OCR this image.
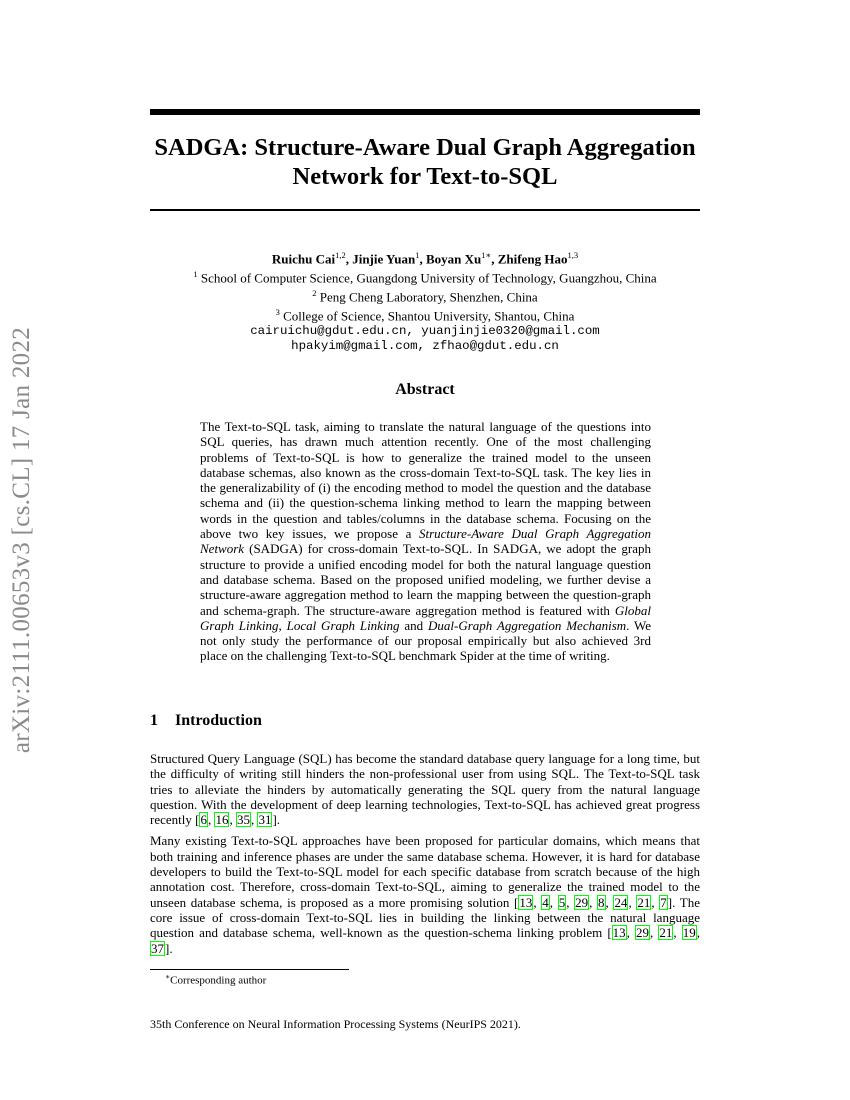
arXiv:2111.00653v3 [cs.CL] 17 Jan 2022
SADGA: Structure-Aware Dual Graph Aggregation
Network for Text-to-SQL
Ruichu Cai$^{1,2}$, Jinjie Yuan$^1$, Boyan $Xu^{1∗}$, Zhifeng Hao$^{1,3}$
$^1$ School of Computer Science, Guangdong University of Technology, Guangzhou, China
$^2$ Peng Cheng Laboratory, Shenzhen, China
$^3$ College of Science, Shantou University, Shantou, China
cairuichu@gdut.edu.cn, yuanjinjie0320@gmail.com
hpakyim@gmail.com, zfhao@gdut.edu.cn
Abstract

The Text-to-SQL task, aiming to translate the natural language of the questions into SQL queries, has drawn much attention recently. One of the most challenging problems of Text-to-SQL is how to generalize the trained model to the unseen database schemas, also known as the cross-domain Text-to-SQL task. The key lies in the generalizability of (i) the encoding method to model the question and the database schema and (ii) the question-schema linking method to learn the mapping between words in the question and tables/columns in the database schema. Focusing on the above two key issues, we propose a Structure-Aware Dual Graph Aggregation Network (SADGA) for cross-domain Text-to-SQL. In SADGA, we adopt the graph structure to provide a unified encoding model for both the natural language question and database schema. Based on the proposed unified modeling, we further devise a structure-aware aggregation method to learn the mapping between the question-graph and schema-graph. The structure-aware aggregation method is featured with Global Graph Linking, Local Graph Linking and Dual-Graph Aggregation Mechanism. We not only study the performance of our proposal empirically but also achieved 3rd place on the challenging Text-to-SQL benchmark Spider at the time of writing.

1 Introduction

Structured Query Language (SQL) has become the standard database query language for a long time, but the difficulty of writing still hinders the non-professional user from using SQL. The Text-to-SQL task tries to alleviate the hinders by automatically generating the SQL query from the natural language question. With the development of deep learning technologies, Text-to-SQL has achieved great progress recently [6, 16, 35, 31].

Many existing Text-to-SQL approaches have been proposed for particular domains, which means that both training and inference phases are under the same database schema. However, it is hard for database developers to build the Text-to-SQL model for each specific database from scratch because of the high annotation cost. Therefore, cross-domain Text-to-SQL, aiming to generalize the trained model to the unseen database schema, is proposed as a more promising solution [13, 4, 5, 29, 8, 24, 21, 7]. The core issue of cross-domain Text-to-SQL lies in building the linking between the natural language question and database schema, well-known as the question-schema linking problem [13, 29, 21, 19, 37].

∗Corresponding author
35th Conference on Neural Information Processing Systems (NeurIPS 2021).
